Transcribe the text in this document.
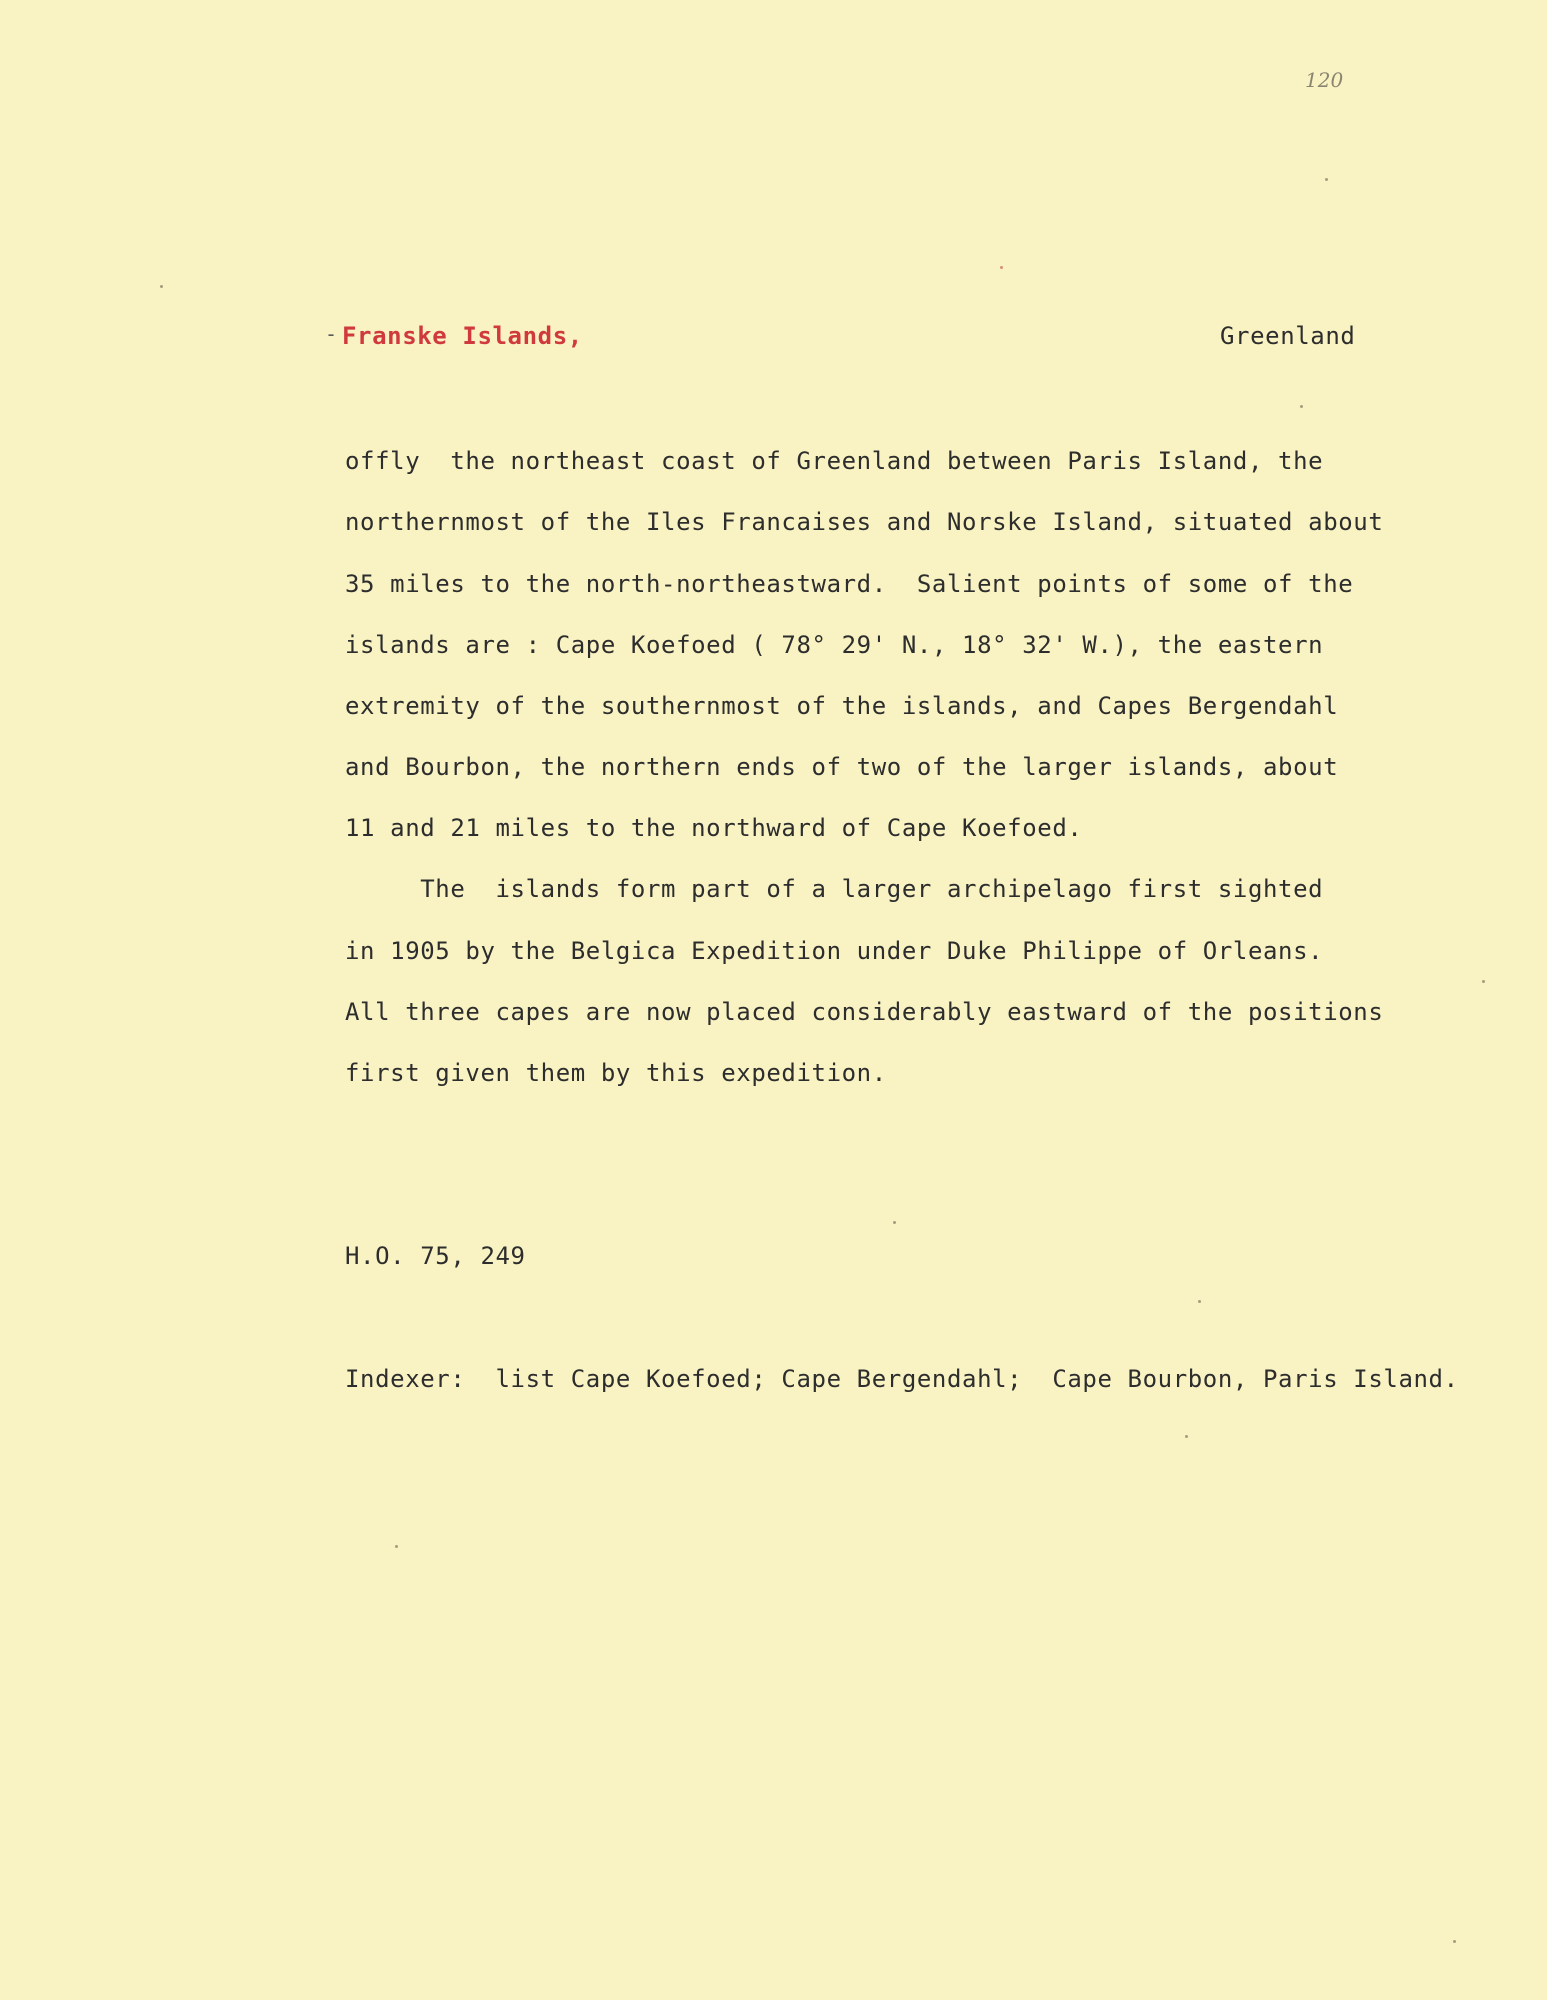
120
- Franske Islands,	Greenland
offly  the northeast coast of Greenland between Paris Island, the
northernmost of the Iles Francaises and Norske Island, situated about
35 miles to the north-northeastward.  Salient points of some of the
islands are : Cape Koefoed ( 78° 29' N., 18° 32' W.), the eastern
extremity of the southernmost of the islands, and Capes Bergendahl
and Bourbon, the northern ends of two of the larger islands, about
11 and 21 miles to the northward of Cape Koefoed.
The  islands form part of a larger archipelago first sighted
in 1905 by the Belgica Expedition under Duke Philippe of Orleans.
All three capes are now placed considerably eastward of the positions
first given them by this expedition.
H.O. 75, 249
Indexer:  list Cape Koefoed; Cape Bergendahl;  Cape Bourbon, Paris Island.
